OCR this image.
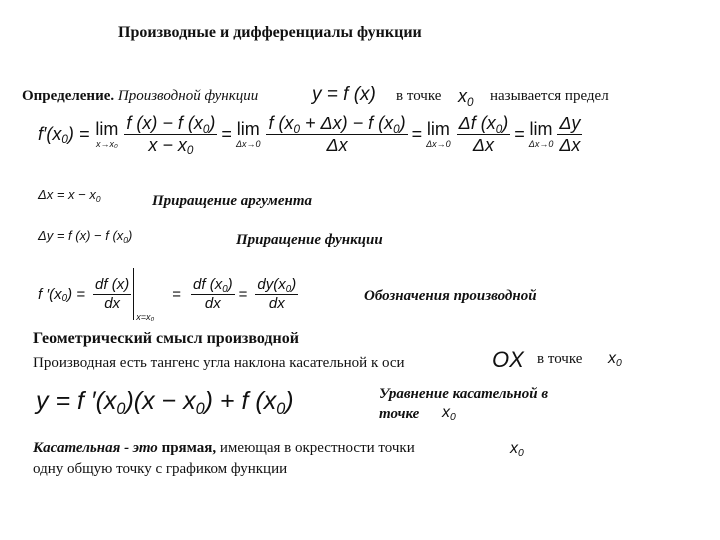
Производные и дифференциалы функции
Определение. Производной функции	y = f (x) в точке x0 называется предел
f′(x0) = lim
$x\to x_0 \frac{f (x) - f (x0)}{x - x0} = \lim$
$\Delta x\to 0 \frac{f (x0 + \Delta x) - f (x0)}{\Delta x} = \lim$
$\Delta x\to 0 \frac{\Delta f (x0)}{\Delta x} = \lim$
$\Delta x\to 0 \frac{\Delta y}{\Delta x}$
Δx = x − x0	Приращение аргумента
Δy = f (x) − f (x0)	Приращение функции
f $'(x0) = \frac{df (x)}{dx}$
x=x₀
= $\frac{df (x0)}{dx} = \frac{dy(x0)}{dx}$	Обозначения производной
Геометрический смысл производной
Производная есть тангенс угла наклона касательной к оси	OX в точке x0
y = f ′(x0)(x − x0) + f (x0)	Уравнение касательной в
точке x0
Касательная - это прямая, имеющая в окрестности точки
одну общую точку с графиком функции
x0
